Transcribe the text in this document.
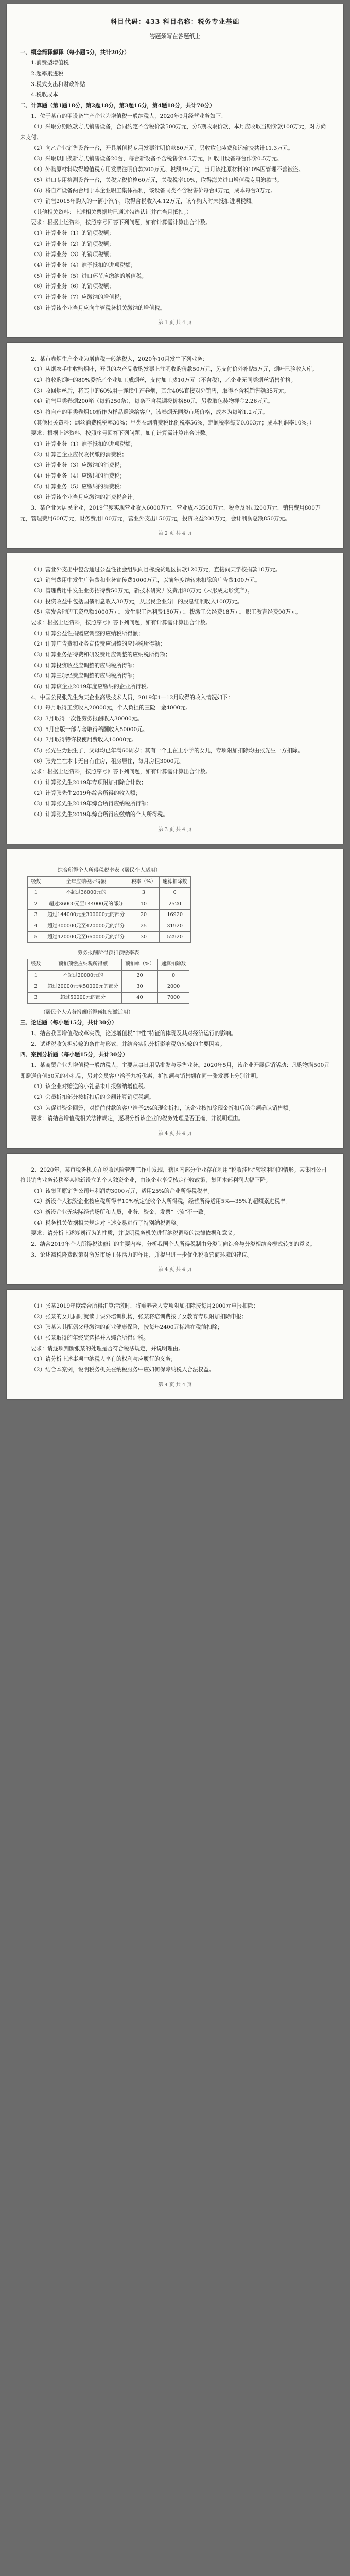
科目代码：433 科目名称：税务专业基础
答题须写在答题纸上

一、概念简释解释（每小题5分，共计20分）

1.消费型增值税

2.超率累进税

3.税式支出和财政补贴

4.税收成本

二、计算题（第1题18分，第2题18分，第3题16分，第4题18分，共计70分）

1、位于某市的甲设备生产企业为增值税一般纳税人，2020年9月经营业务如下：

（1）采取分期收款方式销售设备，合同约定不含税价款500万元，分5期收取价款，本月应收取当期价款100万元，对方尚未支付。

（2）向乙企业销售设备一台，开具增值税专用发票注明价款80万元，另收取包装费和运输费共计11.3万元。

（3）采取以旧换新方式销售设备20台，每台新设备不含税售价4.5万元，回收旧设备每台作价0.5万元。

（4）外购原材料取得增值税专用发票注明价款300万元、税额39万元，当月该批原材料的10%因管理不善被盗。

（5）进口专用检测设备一台，关税完税价格60万元，关税税率10%，取得海关进口增值税专用缴款书。

（6）将自产设备两台用于本企业职工集体福利，该设备同类不含税售价每台4万元，成本每台3万元。

（7）销售2015年购入的一辆小汽车，取得含税收入4.12万元，该车购入时未抵扣进项税额。

（其他相关资料：上述相关票据均已通过勾选认证并在当月抵扣。）

要求：根据上述资料，按照序号回答下列问题，如有计算需计算出合计数。

（1）计算业务（1）的销项税额；

（2）计算业务（2）的销项税额；

（3）计算业务（3）的销项税额；

（4）计算业务（4）准予抵扣的进项税额；

（5）计算业务（5）进口环节应缴纳的增值税；

（6）计算业务（6）的销项税额；

（7）计算业务（7）应缴纳的增值税；

（8）计算该企业当月应向主管税务机关缴纳的增值税。

第 1 页 共 4 页

2、某市卷烟生产企业为增值税一般纳税人，2020年10月发生下列业务：

（1）从烟农手中收购烟叶，开具的农产品收购发票上注明收购价款50万元，另支付价外补贴5万元，烟叶已验收入库。

（2）将收购烟叶的80%委托乙企业加工成烟丝，支付加工费10万元（不含税），乙企业无同类烟丝销售价格。

（3）收回烟丝后，将其中的60%用于连续生产卷烟，其余40%直接对外销售，取得不含税销售额35万元。

（4）销售甲类卷烟200箱（每箱250条），每条不含税调拨价格80元，另收取包装物押金2.26万元。

（5）将自产的甲类卷烟10箱作为样品赠送给客户，该卷烟无同类市场价格，成本为每箱1.2万元。

（其他相关资料：烟丝消费税税率30%；甲类卷烟消费税比例税率56%，定额税率每支0.003元；成本利润率10%。）

要求：根据上述资料，按照序号回答下列问题，如有计算需计算出合计数。

（1）计算业务（1）准予抵扣的进项税额；

（2）计算乙企业应代收代缴的消费税；

（3）计算业务（3）应缴纳的消费税；

（4）计算业务（4）应缴纳的消费税；

（5）计算业务（5）应缴纳的消费税；

（6）计算该企业当月应缴纳的消费税合计。

3、某企业为居民企业，2019年度实现营业收入6000万元，营业成本3500万元，税金及附加200万元，销售费用800万元，管理费用600万元，财务费用100万元，营业外支出150万元，投资收益200万元，会计利润总额850万元。

第 2 页 共 4 页

（1）营业外支出中包含通过公益性社会组织向目标脱贫地区捐款120万元，直接向某学校捐款10万元。

（2）销售费用中发生广告费和业务宣传费1000万元，以前年度结转未扣除的广告费100万元。

（3）管理费用中发生业务招待费50万元，新技术研究开发费用80万元（未形成无形资产）。

（4）投资收益中包括国债利息收入30万元，从居民企业分回的股息红利收入100万元。

（5）实发合理的工资总额1000万元，发生职工福利费150万元，拨缴工会经费18万元，职工教育经费90万元。

要求：根据上述资料，按照序号回答下列问题，如有计算需计算出合计数。

（1）计算公益性捐赠应调整的应纳税所得额；

（2）计算广告费和业务宣传费应调整的应纳税所得额；

（3）计算业务招待费和研发费用应调整的应纳税所得额；

（4）计算投资收益应调整的应纳税所得额；

（5）计算三项经费应调整的应纳税所得额；

（6）计算该企业2019年度应缴纳的企业所得税。

4、中国公民张先生为某企业高级技术人员，2019年1—12月取得的收入情况如下：

（1）每月取得工资收入20000元，个人负担的三险一金4000元。

（2）3月取得一次性劳务报酬收入30000元。

（3）5月出版一部专著取得稿酬收入50000元。

（4）7月取得特许权使用费收入10000元。

（5）张先生为独生子，父母均已年满60周岁；其有一个正在上小学的女儿，专项附加扣除均由张先生一方扣除。

（6）张先生在本市无自有住房，租房居住，每月房租3000元。

要求：根据上述资料，按照序号回答下列问题，如有计算需计算出合计数。

（1）计算张先生2019年专项附加扣除合计数；

（2）计算张先生2019年综合所得的收入额；

（3）计算张先生2019年综合所得应纳税所得额；

（4）计算张先生2019年综合所得应缴纳的个人所得税。

第 3 页 共 4 页
综合所得个人所得税税率表（居民个人适用）
级数	全年应纳税所得额	税率（%）	速算扣除数
1	不超过36000元的	3	0
2	超过36000元至144000元的部分	10	2520
3	超过144000元至300000元的部分	20	16920
4	超过300000元至420000元的部分	25	31920
5	超过420000元至660000元的部分	30	52920
劳务报酬所得预扣预缴率表
级数	预扣预缴应纳税所得额	预扣率（%）	速算扣除数
1	不超过20000元的	20	0
2	超过20000元至50000元的部分	30	2000
3	超过50000元的部分	40	7000
（居民个人劳务报酬所得预扣预缴适用）

三、论述题（每小题15分，共计30分）

1、结合我国增值税改革实践，论述增值税“中性”特征的体现及其对经济运行的影响。

2、试述税收负担转嫁的条件与形式，并结合实际分析影响税负转嫁的主要因素。

四、案例分析题（每小题15分，共计30分）

1、某商贸企业为增值税一般纳税人，主要从事日用品批发与零售业务。2020年5月，该企业开展促销活动：凡购物满500元即赠送价值50元的小礼品，另对会员客户给予九折优惠，折扣额与销售额在同一张发票上分别注明。

（1）该企业对赠送的小礼品未申报缴纳增值税。

（2）会员折扣部分按折扣后的金额计算销项税额。

（3）为促进资金回笼，对提前付款的客户给予2%的现金折扣，该企业按扣除现金折扣后的金额确认销售额。

要求：请结合增值税相关法律规定，逐项分析该企业的税务处理是否正确，并说明理由。

第 4 页 共 4 页

2、2020年，某市税务机关在税收风险管理工作中发现，辖区内部分企业存在利用“税收洼地”转移利润的情形。某集团公司将其销售业务转移至某地新设立的个人独资企业，由该企业享受核定征收政策，集团本部利润大幅下降。

（1）该集团原销售公司年利润约3000万元，适用25%的企业所得税税率。

（2）新设个人独资企业按应税所得率10%核定征收个人所得税，经营所得适用5%—35%的超额累进税率。

（3）新设企业无实际经营场所和人员，业务、资金、发票“三流”不一致。

（4）税务机关依据相关规定对上述交易进行了特别纳税调整。

要求：请分析上述筹划行为的性质，并说明税务机关进行纳税调整的法律依据和意义。

2、结合2019年个人所得税法修订的主要内容，分析我国个人所得税制由分类制向综合与分类相结合模式转变的意义。

3、论述减税降费政策对激发市场主体活力的作用，并提出进一步优化税收营商环境的建议。

第 4 页 共 4 页

（1）张某2019年度综合所得汇算清缴时，将赡养老人专项附加扣除按每月2000元申报扣除；

（2）张某的女儿同时就读于课外培训机构，张某将培训费按子女教育专项附加扣除申报；

（3）张某为其配偶父母缴纳的商业健康保险，按每年2400元标准在税前扣除；

（4）张某取得的年终奖选择并入综合所得计税。

要求：请逐项判断张某的处理是否符合税法规定，并说明理由。

（1）请分析上述事项中纳税人享有的权利与应履行的义务；

（2）结合本案例，说明税务机关在纳税服务中应如何保障纳税人合法权益。

第 4 页 共 4 页
